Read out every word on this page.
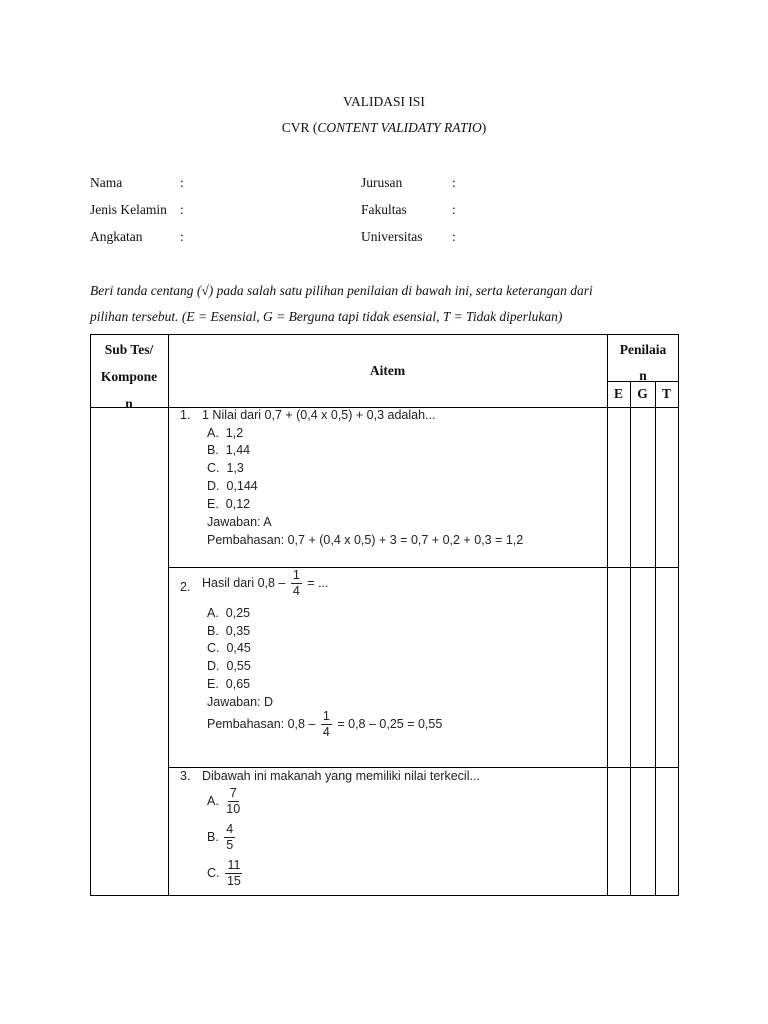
VALIDASI ISI
CVR (CONTENT VALIDATY RATIO)
Nama	:
Jenis Kelamin :
Angkatan	:
Jurusan	:
Fakultas	:
Universitas :
Beri tanda centang (√) pada salah satu pilihan penilaian di bawah ini, serta keterangan dari
pilihan tersebut. (E = Esensial, G = Berguna tapi tidak esensial, T = Tidak diperlukan)
Sub Tes/
Kompone
n
Aitem
Penilaia
n
E	G	T
1. 1 Nilai dari 0,7 + (0,4 x 0,5) + 0,3 adalah...
A. 1,2
B. 1,44
C. 1,3
D. 0,144
E. 0,12
Jawaban: A
Pembahasan: 0,7 + (0,4 x 0,5) + 3 = 0,7 + 0,2 + 0,3 = 1,2
2. Hasil dari $0,8 - \frac{1}{4}$ = ...
A. 0,25
B. 0,35
C. 0,45
D. 0,55
E. 0,65
Jawaban: D
Pembahasan: $0,8 - \frac{1}{4} = 0,8 - 0,25 = 0,55$
3. Dibawah ini makanah yang memiliki nilai terkecil...
A. $\frac{7}{10}$
B. $\frac{4}{5}$
C. $\frac{11}{15}$
